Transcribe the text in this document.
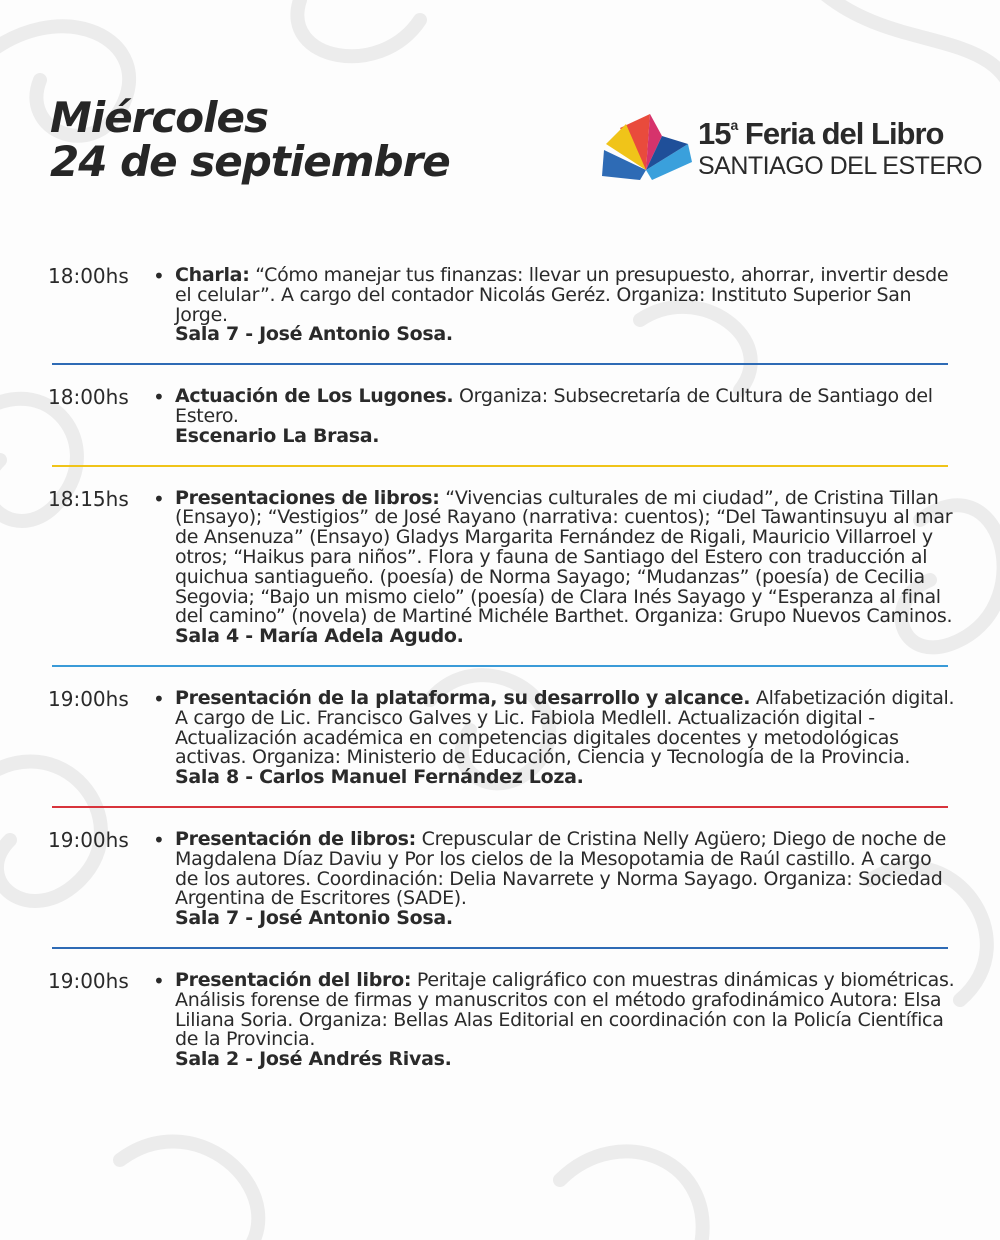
Miércoles
24 de septiembre
15$^a$ Feria del Libro
SANTIAGO DEL ESTERO
18:00hs • Charla: “Cómo manejar tus finanzas: llevar un presupuesto, ahorrar, invertir desde el celular”. A cargo del contador Nicolás Geréz. Organiza: Instituto Superior San Jorge.
Sala 7 - José Antonio Sosa.
18:00hs • Actuación de Los Lugones. Organiza: Subsecretaría de Cultura de Santiago del Estero.
Escenario La Brasa.
18:15hs • Presentaciones de libros: “Vivencias culturales de mi ciudad”, de Cristina Tillan (Ensayo); “Vestigios” de José Rayano (narrativa: cuentos); “Del Tawantinsuyu al mar de Ansenuza” (Ensayo) Gladys Margarita Fernández de Rigali, Mauricio Villarroel y otros; “Haikus para niños”. Flora y fauna de Santiago del Estero con traducción al quichua santiagueño. (poesía) de Norma Sayago; “Mudanzas” (poesía) de Cecilia Segovia; “Bajo un mismo cielo” (poesía) de Clara Inés Sayago y “Esperanza al final del camino” (novela) de Martiné Michéle Barthet. Organiza: Grupo Nuevos Caminos.
Sala 4 - María Adela Agudo.
19:00hs • Presentación de la plataforma, su desarrollo y alcance. Alfabetización digital. A cargo de Lic. Francisco Galves y Lic. Fabiola Medlell. Actualización digital - Actualización académica en competencias digitales docentes y metodológicas activas. Organiza: Ministerio de Educación, Ciencia y Tecnología de la Provincia.
Sala 8 - Carlos Manuel Fernández Loza.
19:00hs • Presentación de libros: Crepuscular de Cristina Nelly Agüero; Diego de noche de Magdalena Díaz Daviu y Por los cielos de la Mesopotamia de Raúl castillo. A cargo de los autores. Coordinación: Delia Navarrete y Norma Sayago. Organiza: Sociedad Argentina de Escritores (SADE).
Sala 7 - José Antonio Sosa.
19:00hs • Presentación del libro: Peritaje caligráfico con muestras dinámicas y biométricas. Análisis forense de firmas y manuscritos con el método grafodinámico Autora: Elsa Liliana Soria. Organiza: Bellas Alas Editorial en coordinación con la Policía Científica de la Provincia.
Sala 2 - José Andrés Rivas.
